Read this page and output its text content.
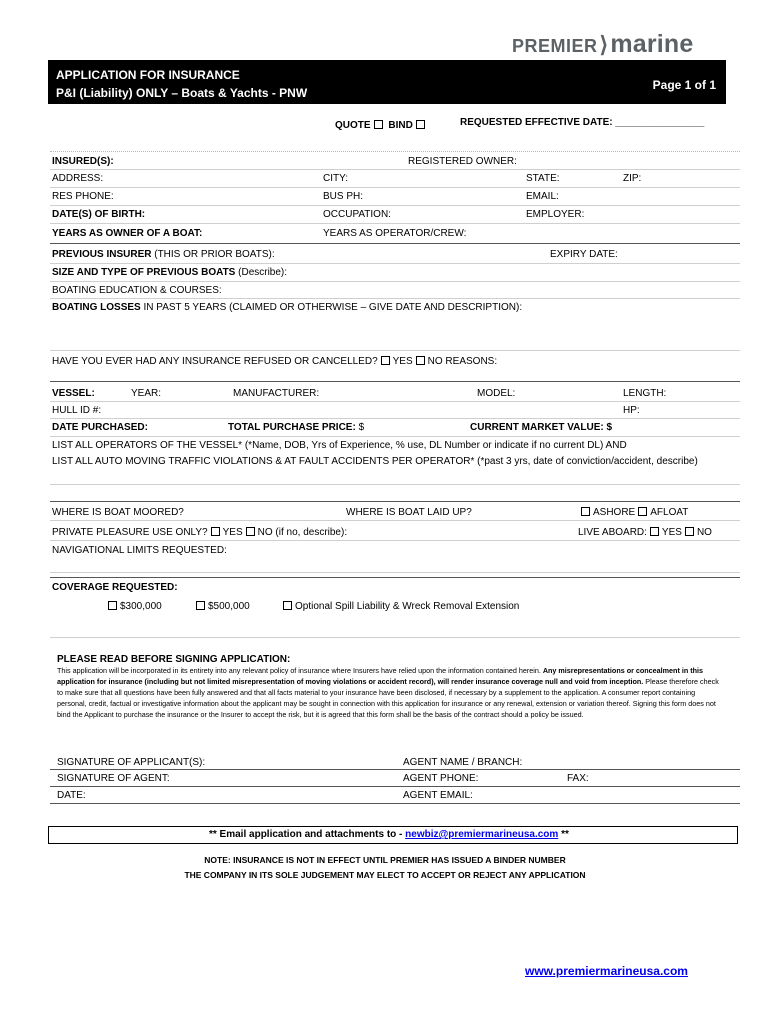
PREMIER⟩marine
APPLICATION FOR INSURANCE
P&I (Liability) ONLY – Boats & Yachts - PNW
Page 1 of 1
QUOTE BIND	REQUESTED EFFECTIVE DATE: ________________
INSURED(S):	REGISTERED OWNER:
ADDRESS:	CITY:	STATE:	ZIP:
RES PHONE:	BUS PH:	EMAIL:
DATE(S) OF BIRTH:	OCCUPATION:	EMPLOYER:
YEARS AS OWNER OF A BOAT:	YEARS AS OPERATOR/CREW:
PREVIOUS INSURER (THIS OR PRIOR BOATS):	EXPIRY DATE:
SIZE AND TYPE OF PREVIOUS BOATS (Describe):
BOATING EDUCATION & COURSES:
BOATING LOSSES IN PAST 5 YEARS (CLAIMED OR OTHERWISE – GIVE DATE AND DESCRIPTION):
HAVE YOU EVER HAD ANY INSURANCE REFUSED OR CANCELLED? YES NO REASONS:
VESSEL:	YEAR:	MANUFACTURER:	MODEL:	LENGTH:
HULL ID #:	HP:
DATE PURCHASED:	TOTAL PURCHASE PRICE: $	CURRENT MARKET VALUE: $
LIST ALL OPERATORS OF THE VESSEL* (*Name, DOB, Yrs of Experience, % use, DL Number or indicate if no current DL) AND
LIST ALL AUTO MOVING TRAFFIC VIOLATIONS & AT FAULT ACCIDENTS PER OPERATOR* (*past 3 yrs, date of conviction/accident, describe)
WHERE IS BOAT MOORED?	WHERE IS BOAT LAID UP?	ASHORE AFLOAT
PRIVATE PLEASURE USE ONLY? YES NO (if no, describe):	LIVE ABOARD: YES NO
NAVIGATIONAL LIMITS REQUESTED:
COVERAGE REQUESTED:
$300,000	$500,000	Optional Spill Liability & Wreck Removal Extension
PLEASE READ BEFORE SIGNING APPLICATION:

This application will be incorporated in its entirety into any relevant policy of insurance where Insurers have relied upon the information contained herein. Any misrepresentations or concealment in this application for insurance (including but not limited misrepresentation of moving violations or accident record), will render insurance coverage null and void from inception. Please therefore check to make sure that all questions have been fully answered and that all facts material to your insurance have been disclosed, if necessary by a supplement to the application. A consumer report containing personal, credit, factual or investigative information about the applicant may be sought in connection with this application for insurance or any renewal, extension or variation thereof. Signing this form does not bind the Applicant to purchase the insurance or the Insurer to accept the risk, but it is agreed that this form shall be the basis of the contract should a policy be issued.

SIGNATURE OF APPLICANT(S):	AGENT NAME / BRANCH:
SIGNATURE OF AGENT:	AGENT PHONE:	FAX:
DATE:	AGENT EMAIL:
** Email application and attachments to - newbiz@premiermarineusa.com **
NOTE: INSURANCE IS NOT IN EFFECT UNTIL PREMIER HAS ISSUED A BINDER NUMBER
THE COMPANY IN ITS SOLE JUDGEMENT MAY ELECT TO ACCEPT OR REJECT ANY APPLICATION
www.premiermarineusa.com
